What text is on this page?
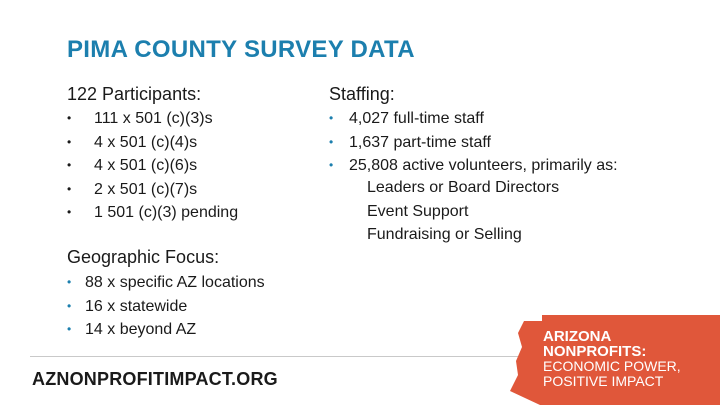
PIMA COUNTY SURVEY DATA
122 Participants:
• 111 x 501 (c)(3)s
• 4 x 501 (c)(4)s
• 4 x 501 (c)(6)s
• 2 x 501 (c)(7)s
• 1 501 (c)(3) pending
Geographic Focus:
• 88 x specific AZ locations
• 16 x statewide
• 14 x beyond AZ
Staffing:
• 4,027 full-time staff
• 1,637 part-time staff
• 25,808 active volunteers, primarily as:
Leaders or Board Directors
Event Support
Fundraising or Selling
AZNONPROFITIMPACT.ORG
ARIZONA
NONPROFITS:
ECONOMIC POWER,
POSITIVE IMPACT
